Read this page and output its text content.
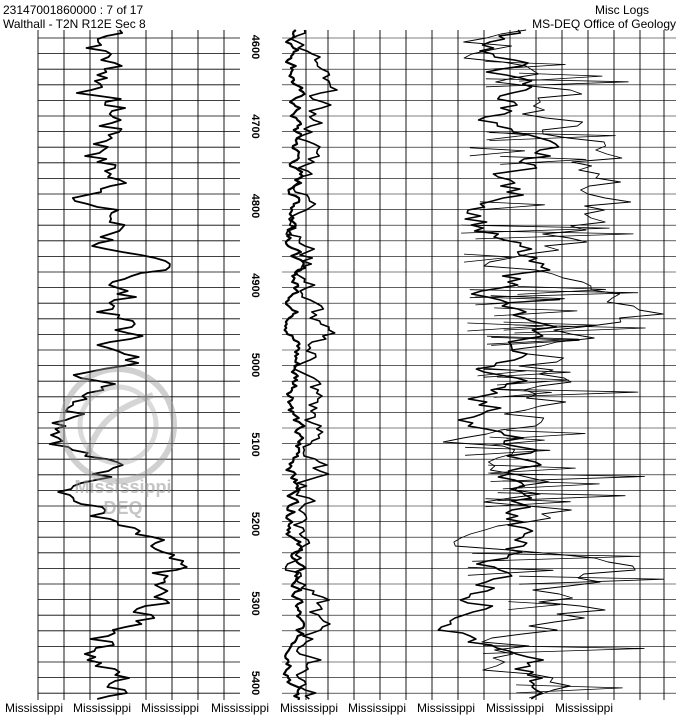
23147001860000 : 7 of 17
Walthall - T2N R12E Sec 8
Misc Logs
MS-DEQ Office of Geology
4600
4700
4800
4900
5000
5100
5200
5300
5400
Mississippi
DEQ
Mississippi Mississippi Mississippi Mississippi Mississippi Mississippi Mississippi Mississippi Mississippi
